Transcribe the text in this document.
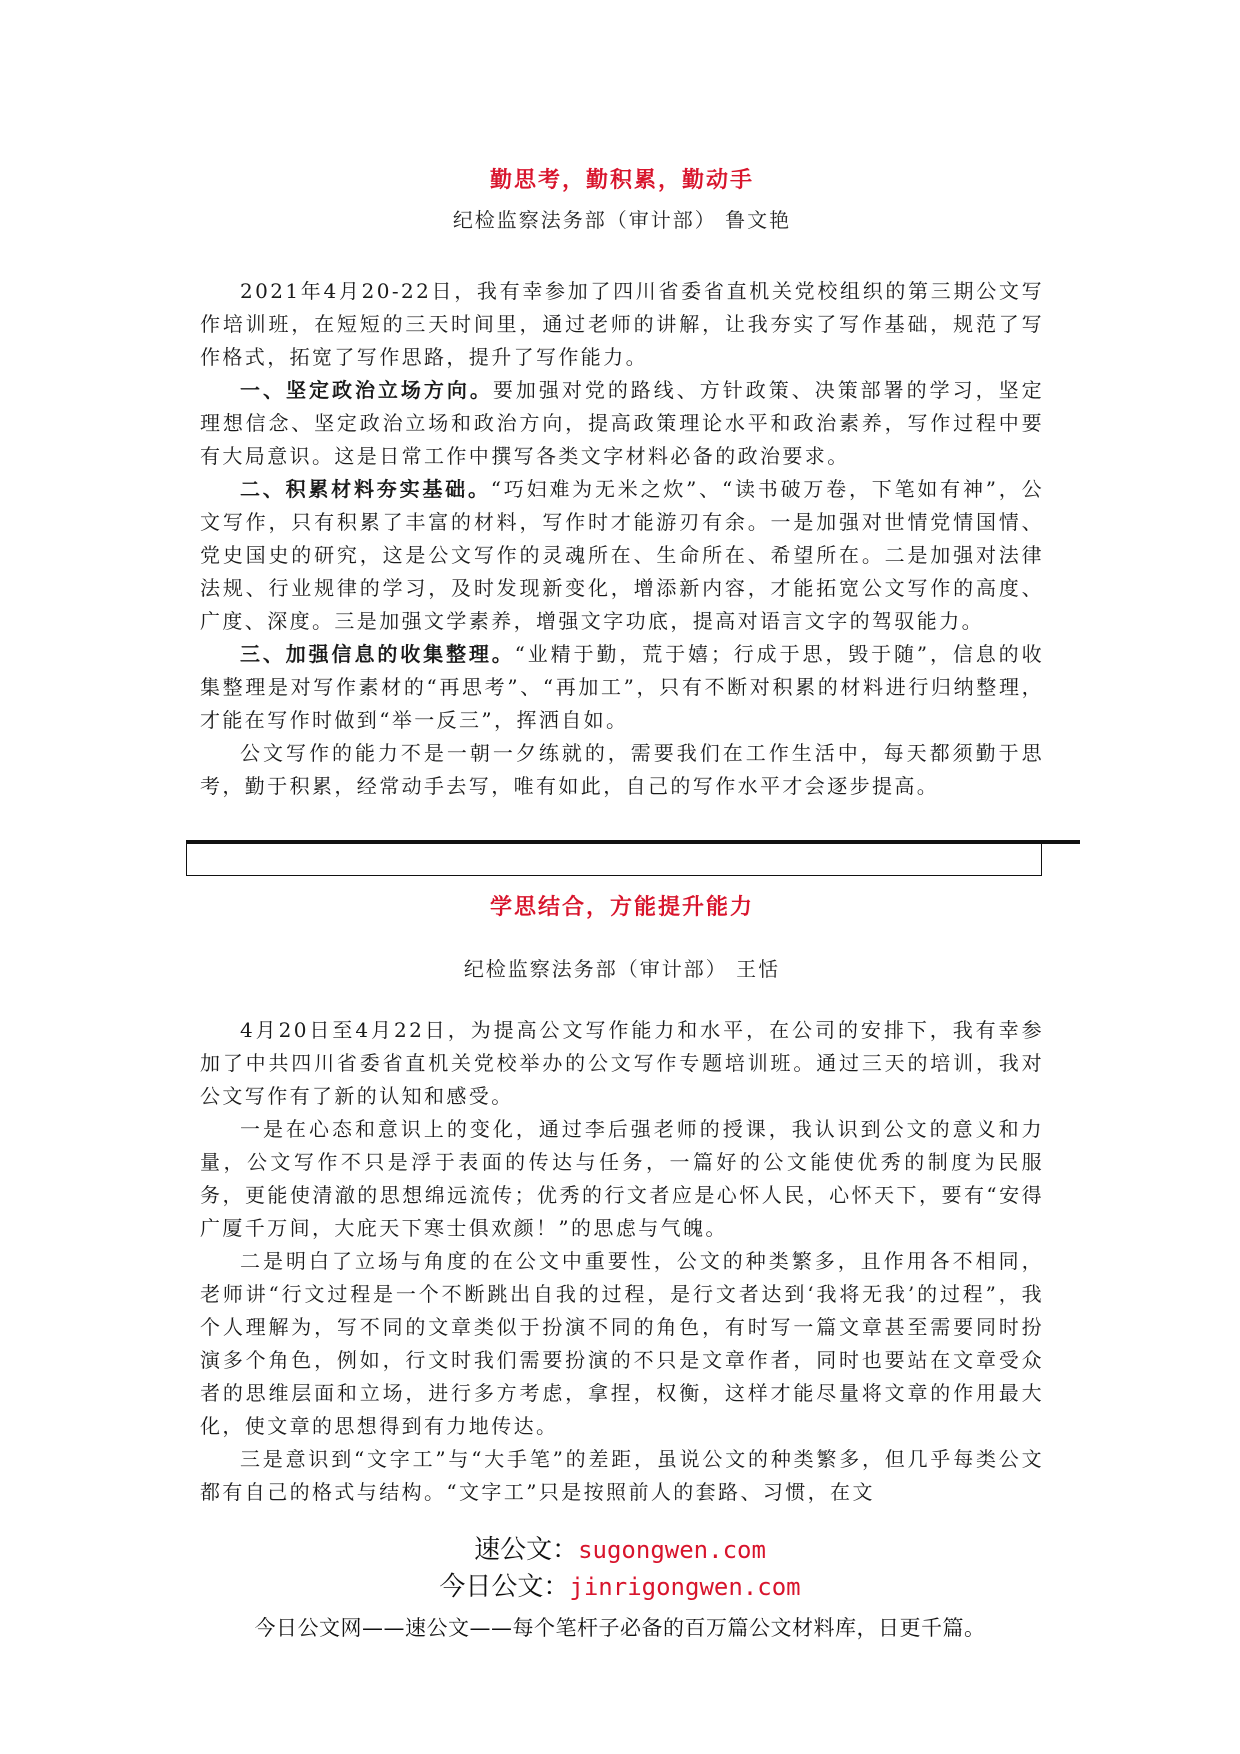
勤思考，勤积累，勤动手

纪检监察法务部（审计部） 鲁文艳

2021年4月20-22日，我有幸参加了四川省委省直机关党校组织的第三期公文写作培训班，在短短的三天时间里，通过老师的讲解，让我夯实了写作基础，规范了写作格式，拓宽了写作思路，提升了写作能力。

一、坚定政治立场方向。要加强对党的路线、方针政策、决策部署的学习，坚定理想信念、坚定政治立场和政治方向，提高政策理论水平和政治素养，写作过程中要有大局意识。这是日常工作中撰写各类文字材料必备的政治要求。

二、积累材料夯实基础。“巧妇难为无米之炊”、“读书破万卷，下笔如有神”，公文写作，只有积累了丰富的材料，写作时才能游刃有余。一是加强对世情党情国情、党史国史的研究，这是公文写作的灵魂所在、生命所在、希望所在。二是加强对法律法规、行业规律的学习，及时发现新变化，增添新内容，才能拓宽公文写作的高度、广度、深度。三是加强文学素养，增强文字功底，提高对语言文字的驾驭能力。

三、加强信息的收集整理。“业精于勤，荒于嬉；行成于思，毁于随”，信息的收集整理是对写作素材的“再思考”、“再加工”，只有不断对积累的材料进行归纳整理，才能在写作时做到“举一反三”，挥洒自如。

公文写作的能力不是一朝一夕练就的，需要我们在工作生活中，每天都须勤于思考，勤于积累，经常动手去写，唯有如此，自己的写作水平才会逐步提高。

学思结合，方能提升能力

纪检监察法务部（审计部） 王恬

4月20日至4月22日，为提高公文写作能力和水平，在公司的安排下，我有幸参加了中共四川省委省直机关党校举办的公文写作专题培训班。通过三天的培训，我对公文写作有了新的认知和感受。

一是在心态和意识上的变化，通过李后强老师的授课，我认识到公文的意义和力量，公文写作不只是浮于表面的传达与任务，一篇好的公文能使优秀的制度为民服务，更能使清澈的思想绵远流传；优秀的行文者应是心怀人民，心怀天下，要有“安得广厦千万间，大庇天下寒士俱欢颜！”的思虑与气魄。

二是明白了立场与角度的在公文中重要性，公文的种类繁多，且作用各不相同，老师讲“行文过程是一个不断跳出自我的过程，是行文者达到‘我将无我’的过程”，我个人理解为，写不同的文章类似于扮演不同的角色，有时写一篇文章甚至需要同时扮演多个角色，例如，行文时我们需要扮演的不只是文章作者，同时也要站在文章受众者的思维层面和立场，进行多方考虑，拿捏，权衡，这样才能尽量将文章的作用最大化，使文章的思想得到有力地传达。

三是意识到“文字工”与“大手笔”的差距，虽说公文的种类繁多，但几乎每类公文都有自己的格式与结构。“文字工”只是按照前人的套路、习惯，在文

速公文：sugongwen.com
今日公文：jinrigongwen.com
今日公文网——速公文——每个笔杆子必备的百万篇公文材料库，日更千篇。
